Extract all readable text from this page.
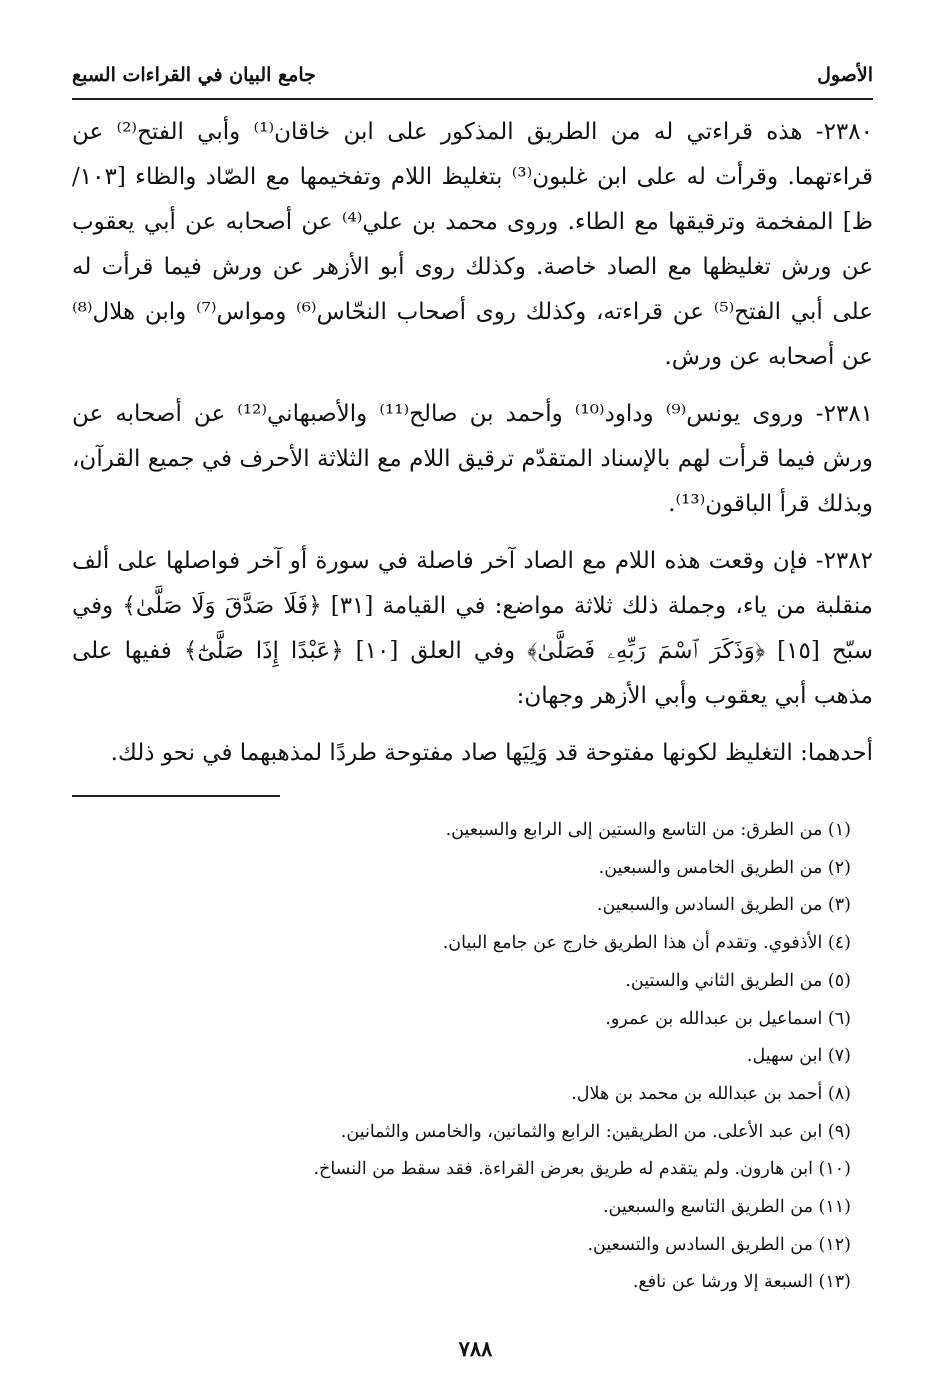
الأصول
جامع البيان في القراءات السبع

٢٣٨٠- هذه قراءتي له من الطريق المذكور على ابن خاقان⁽¹⁾ وأبي الفتح⁽²⁾ عن قراءتهما. وقرأت له على ابن غلبون⁽³⁾ بتغليظ اللام وتفخيمها مع الصّاد والظاء [١٠٣/ظ] المفخمة وترقيقها مع الطاء. وروى محمد بن علي⁽⁴⁾ عن أصحابه عن أبي يعقوب عن ورش تغليظها مع الصاد خاصة. وكذلك روى أبو الأزهر عن ورش فيما قرأت له على أبي الفتح⁽⁵⁾ عن قراءته، وكذلك روى أصحاب النحّاس⁽⁶⁾ ومواس⁽⁷⁾ وابن هلال⁽⁸⁾ عن أصحابه عن ورش.

٢٣٨١- وروى يونس⁽⁹⁾ وداود⁽¹⁰⁾ وأحمد بن صالح⁽¹¹⁾ والأصبهاني⁽¹²⁾ عن أصحابه عن ورش فيما قرأت لهم بالإسناد المتقدّم ترقيق اللام مع الثلاثة الأحرف في جميع القرآن، وبذلك قرأ الباقون⁽¹³⁾.

٢٣٨٢- فإن وقعت هذه اللام مع الصاد آخر فاصلة في سورة أو آخر فواصلها على ألف منقلبة من ياء، وجملة ذلك ثلاثة مواضع: في القيامة [٣١] ﴿فَلَا صَدَّقَ وَلَا صَلَّىٰ﴾ وفي سبّح [١٥] ﴿وَذَكَرَ ٱسْمَ رَبِّهِۦ فَصَلَّىٰ﴾ وفي العلق [١٠] ﴿عَبْدًا إِذَا صَلَّىٰٓ﴾ ففيها على مذهب أبي يعقوب وأبي الأزهر وجهان:

أحدهما: التغليظ لكونها مفتوحة قد وَلِيَها صاد مفتوحة طردًا لمذهبهما في نحو ذلك.

(١) من الطرق: من التاسع والستين إلى الرابع والسبعين.
(٢) من الطريق الخامس والسبعين.
(٣) من الطريق السادس والسبعين.
(٤) الأذفوي. وتقدم أن هذا الطريق خارج عن جامع البيان.
(٥) من الطريق الثاني والستين.
(٦) اسماعيل بن عبدالله بن عمرو.
(٧) ابن سهيل.
(٨) أحمد بن عبدالله بن محمد بن هلال.
(٩) ابن عبد الأعلى. من الطريقين: الرابع والثمانين، والخامس والثمانين.
(١٠) ابن هارون. ولم يتقدم له طريق بعرض القراءة. فقد سقط من النساخ.
(١١) من الطريق التاسع والسبعين.
(١٢) من الطريق السادس والتسعين.
(١٣) السبعة إلا ورشا عن نافع.
٧٨٨
